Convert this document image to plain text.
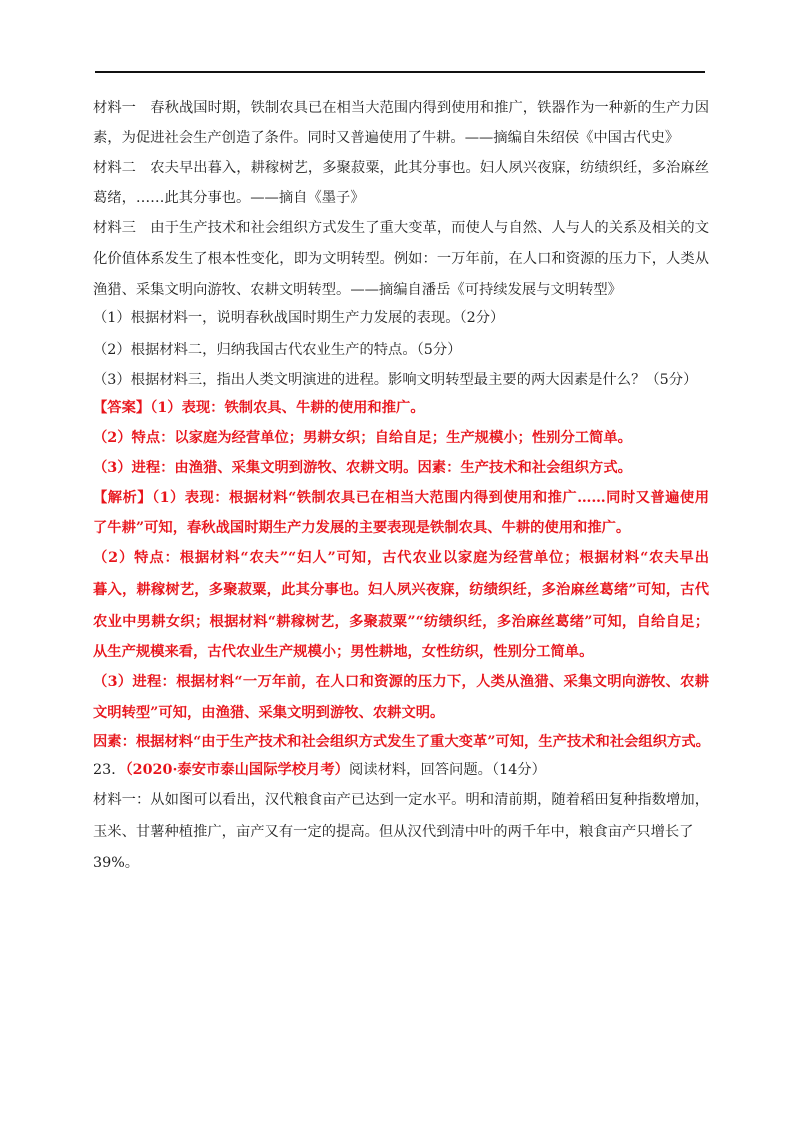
材料一　春秋战国时期，铁制农具已在相当大范围内得到使用和推广，铁器作为一种新的生产力因
素，为促进社会生产创造了条件。同时又普遍使用了牛耕。——摘编自朱绍侯《中国古代史》
材料二　农夫早出暮入，耕稼树艺，多聚菽粟，此其分事也。妇人夙兴夜寐，纺绩织纴，多治麻丝
葛绪，……此其分事也。——摘自《墨子》
材料三　由于生产技术和社会组织方式发生了重大变革，而使人与自然、人与人的关系及相关的文
化价值体系发生了根本性变化，即为文明转型。例如：一万年前，在人口和资源的压力下，人类从
渔猎、采集文明向游牧、农耕文明转型。——摘编自潘岳《可持续发展与文明转型》
（1）根据材料一，说明春秋战国时期生产力发展的表现。（2分）
（2）根据材料二，归纳我国古代农业生产的特点。（5分）
（3）根据材料三，指出人类文明演进的进程。影响文明转型最主要的两大因素是什么？（5分）
【答案】（1）表现：铁制农具、牛耕的使用和推广。
（2）特点：以家庭为经营单位；男耕女织；自给自足；生产规模小；性别分工简单。
（3）进程：由渔猎、采集文明到游牧、农耕文明。因素：生产技术和社会组织方式。
【解析】（1）表现：根据材料“铁制农具已在相当大范围内得到使用和推广……同时又普遍使用
了牛耕”可知，春秋战国时期生产力发展的主要表现是铁制农具、牛耕的使用和推广。
（2）特点：根据材料“农夫”“妇人”可知，古代农业以家庭为经营单位；根据材料“农夫早出
暮入，耕稼树艺，多聚菽粟，此其分事也。妇人夙兴夜寐，纺绩织纴，多治麻丝葛绪”可知，古代
农业中男耕女织；根据材料“耕稼树艺，多聚菽粟”“纺绩织纴，多治麻丝葛绪”可知，自给自足；
从生产规模来看，古代农业生产规模小；男性耕地，女性纺织，性别分工简单。
（3）进程：根据材料“一万年前，在人口和资源的压力下，人类从渔猎、采集文明向游牧、农耕
文明转型”可知，由渔猎、采集文明到游牧、农耕文明。
因素：根据材料“由于生产技术和社会组织方式发生了重大变革”可知，生产技术和社会组织方式。
23．（2020·泰安市泰山国际学校月考）阅读材料，回答问题。（14分）
材料一：从如图可以看出，汉代粮食亩产已达到一定水平。明和清前期，随着稻田复种指数增加，
玉米、甘薯种植推广，亩产又有一定的提高。但从汉代到清中叶的两千年中，粮食亩产只增长了
39%。
